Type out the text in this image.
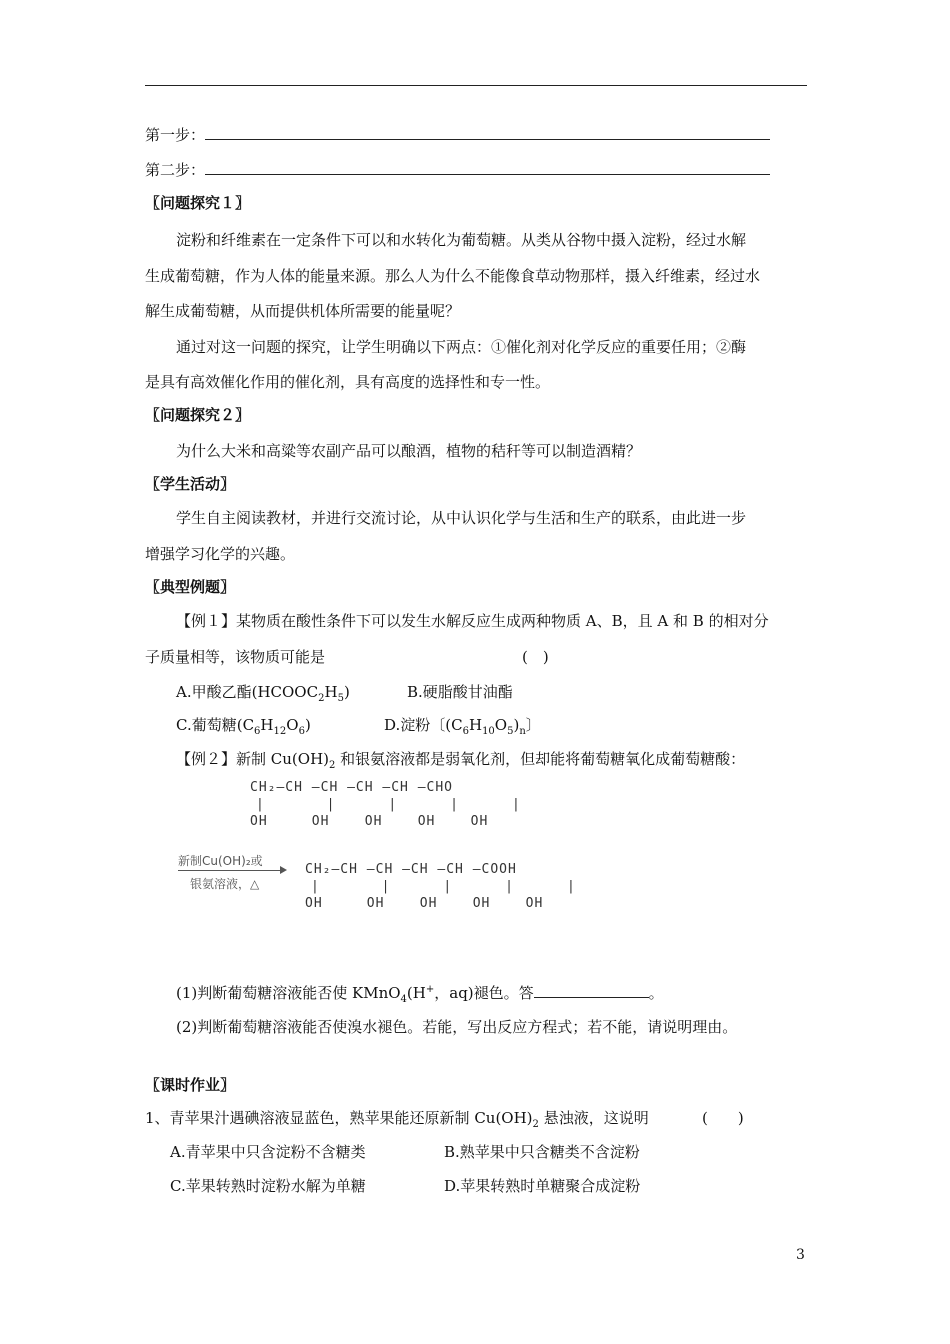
第一步：
第二步：
〖问题探究１〗
淀粉和纤维素在一定条件下可以和水转化为葡萄糖。从类从谷物中摄入淀粉，经过水解
生成葡萄糖，作为人体的能量来源。那么人为什么不能像食草动物那样，摄入纤维素，经过水
解生成葡萄糖，从而提供机体所需要的能量呢？
通过对这一问题的探究，让学生明确以下两点：①催化剂对化学反应的重要任用；②酶
是具有高效催化作用的催化剂，具有高度的选择性和专一性。
〖问题探究２〗
为什么大米和高粱等农副产品可以酿酒，植物的秸秆等可以制造酒精？
〖学生活动〗
学生自主阅读教材，并进行交流讨论，从中认识化学与生活和生产的联系，由此进一步
增强学习化学的兴趣。
〖典型例题〗
【例１】某物质在酸性条件下可以发生水解反应生成两种物质 A、B，且 A 和 B 的相对分
子质量相等，该物质可能是	(　)
A.甲酸乙酯$(HCOOC_2H_5)$	B.硬脂酸甘油酯
C.葡萄糖$(C_6H_{12}O_6)$	D.淀粉〔$(C_6H_{10}O_5)_n$〕
【例２】新制 $Cu(OH)_2$ 和银氨溶液都是弱氧化剂，但却能将葡萄糖氧化成葡萄糖酸：
CH₂—CH —CH —CH —CH —CHO
|       |      |      |      |
OH     OH    OH    OH    OH
新制Cu(OH)₂或
银氨溶液，△
CH₂—CH —CH —CH —CH —COOH
|       |      |      |      |
OH     OH    OH    OH    OH
(1)判断葡萄糖溶液能否使 KMnO$_4$(H+，aq)褪色。答	。
(2)判断葡萄糖溶液能否使溴水褪色。若能，写出反应方程式；若不能，请说明理由。
〖课时作业〗
1、青苹果汁遇碘溶液显蓝色，熟苹果能还原新制 $Cu(OH)_2$ 悬浊液，这说明	(　　)
A.青苹果中只含淀粉不含糖类	B.熟苹果中只含糖类不含淀粉
C.苹果转熟时淀粉水解为单糖	D.苹果转熟时单糖聚合成淀粉
3
